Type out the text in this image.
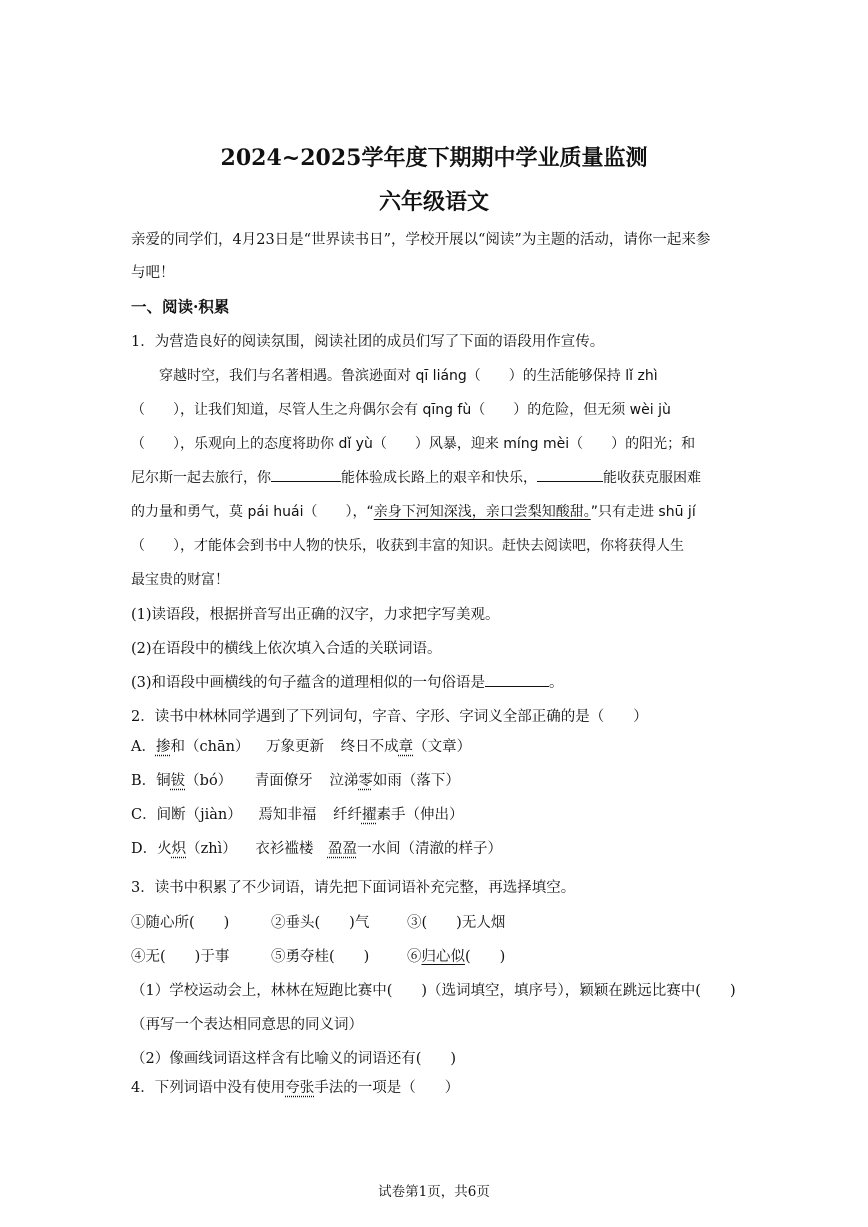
2024~2025学年度下期期中学业质量监测
六年级语文
亲爱的同学们，4月23日是“世界读书日”，学校开展以“阅读”为主题的活动，请你一起来参
与吧！
一、阅读·积累
1．为营造良好的阅读氛围，阅读社团的成员们写了下面的语段用作宣传。
穿越时空，我们与名著相遇。鲁滨逊面对 qī liáng（　　）的生活能够保持 lǐ zhì
（　　），让我们知道，尽管人生之舟偶尔会有 qīng fù（　　）的危险，但无须 wèi jù
（　　），乐观向上的态度将助你 dǐ yù（　　）风暴，迎来 míng mèi（　　）的阳光；和
尼尔斯一起去旅行，你	能体验成长路上的艰辛和快乐，	能收获克服困难
的力量和勇气，莫 pái huái（　　），“亲身下河知深浅，亲口尝梨知酸甜。”只有走进 shū jí
（　　），才能体会到书中人物的快乐，收获到丰富的知识。赶快去阅读吧，你将获得人生
最宝贵的财富！
(1)读语段，根据拼音写出正确的汉字，力求把字写美观。
(2)在语段中的横线上依次填入合适的关联词语。
(3)和语段中画横线的句子蕴含的道理相似的一句俗语是	。
2．读书中林林同学遇到了下列词句，字音、字形、字词义全部正确的是（　　）
A．掺和（chān） 万象更新 终日不成章（文章）
B．铜钹（bó） 青面僚牙 泣涕零如雨（落下）
C．间断（jiàn） 焉知非福 纤纤擢素手（伸出）
D．火炽（zhì） 衣衫褴楼 盈盈一水间（清澈的样子）
3．读书中积累了不少词语，请先把下面词语补充完整，再选择填空。
①随心所(　　)	②垂头(　　)气	③(　　)无人烟
④无(　　)于事	⑤勇夺桂(　　)	⑥归心似(　　)
（1）学校运动会上，林林在短跑比赛中(　　)（选词填空，填序号），颖颖在跳远比赛中(　　)
（再写一个表达相同意思的同义词）
（2）像画线词语这样含有比喻义的词语还有(　　)
4．下列词语中没有使用夸张手法的一项是（　　）
试卷第1页，共6页
